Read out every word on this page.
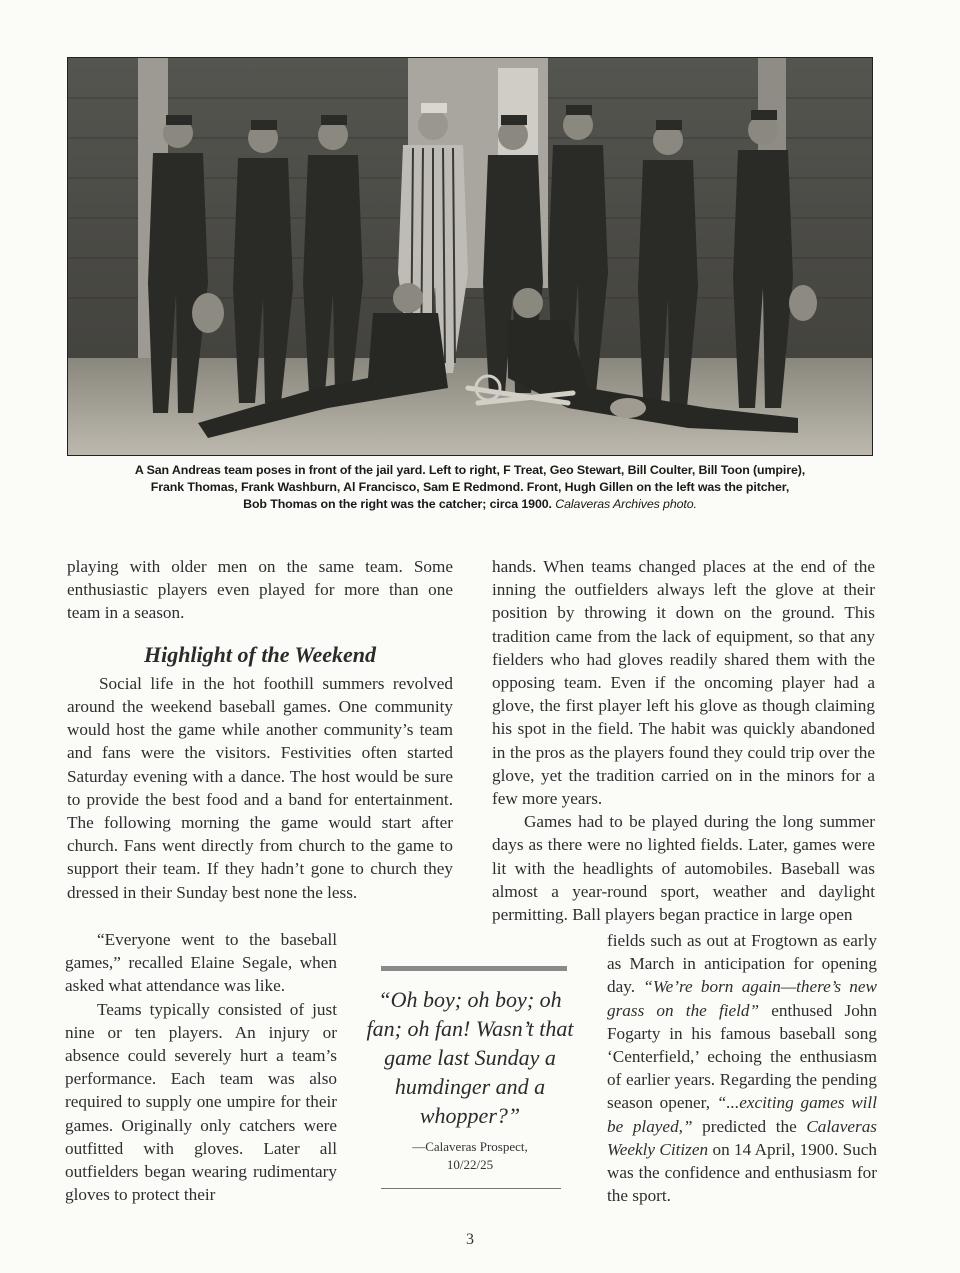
A San Andreas team poses in front of the jail yard. Left to right, F Treat, Geo Stewart, Bill Coulter, Bill Toon (umpire),
Frank Thomas, Frank Washburn, Al Francisco, Sam E Redmond. Front, Hugh Gillen on the left was the pitcher,
Bob Thomas on the right was the catcher; circa 1900. Calaveras Archives photo.

playing with older men on the same team. Some enthusiastic players even played for more than one team in a season.

Highlight of the Weekend

Social life in the hot foothill summers revolved around the weekend baseball games. One community would host the game while another community’s team and fans were the visitors. Festivities often started Saturday evening with a dance. The host would be sure to provide the best food and a band for entertainment. The following morning the game would start after church. Fans went directly from church to the game to support their team. If they hadn’t gone to church they dressed in their Sunday best none the less.

“Everyone went to the baseball games,” recalled Elaine Segale, when asked what attendance was like.

Teams typically consisted of just nine or ten players. An injury or absence could severely hurt a team’s performance. Each team was also required to supply one umpire for their games. Originally only catchers were outfitted with gloves. Later all outfielders began wearing rudimentary gloves to protect their

“Oh boy; oh boy; oh fan; oh fan! Wasn’t that game last Sunday a humdinger and a whopper?”
—Calaveras Prospect,
10/22/25

hands. When teams changed places at the end of the inning the outfielders always left the glove at their position by throwing it down on the ground. This tradition came from the lack of equipment, so that any fielders who had gloves readily shared them with the opposing team. Even if the oncoming player had a glove, the first player left his glove as though claiming his spot in the field. The habit was quickly abandoned in the pros as the players found they could trip over the glove, yet the tradition carried on in the minors for a few more years.

Games had to be played during the long summer days as there were no lighted fields. Later, games were lit with the headlights of automobiles. Baseball was almost a year-round sport, weather and daylight permitting. Ball players began practice in large open

fields such as out at Frogtown as early as March in anticipation for opening day. “We’re born again—there’s new grass on the field” enthused John Fogarty in his famous baseball song ‘Centerfield,’ echoing the enthusiasm of earlier years. Regarding the pending season opener, “...exciting games will be played,” predicted the Calaveras Weekly Citizen on 14 April, 1900. Such was the confidence and enthusiasm for the sport.

3
